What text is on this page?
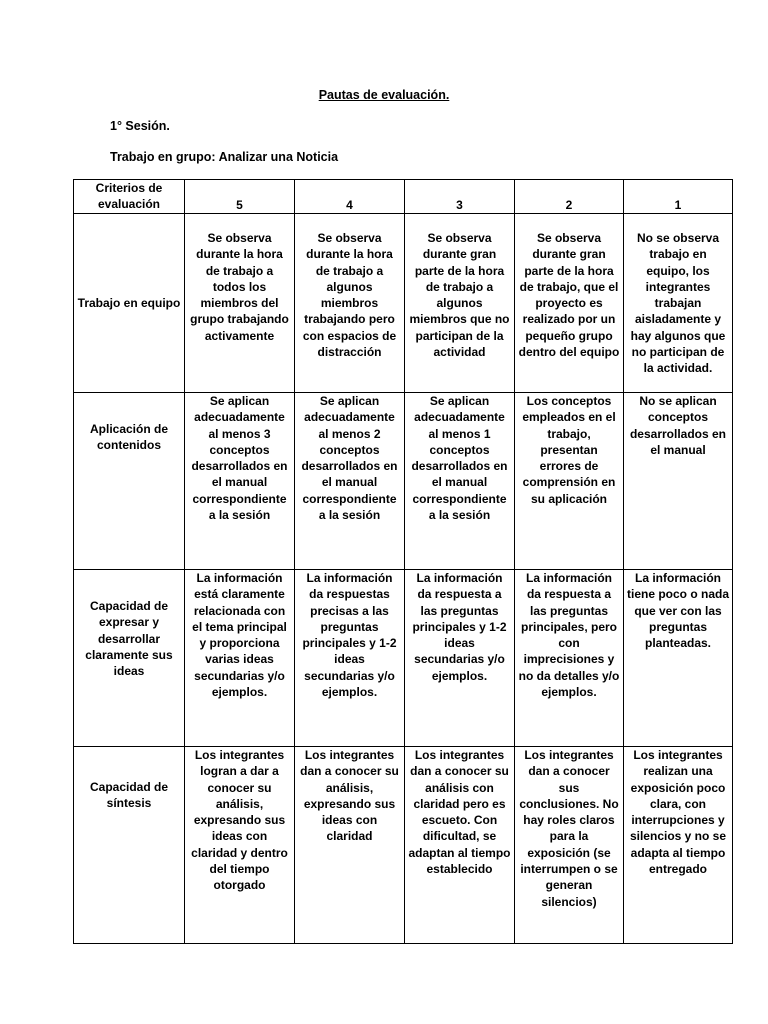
Pautas de evaluación.
1° Sesión.
Trabajo en grupo: Analizar una Noticia
Criterios de evaluación	5	4	3	2	1
Trabajo en equipo	Se observa durante la hora de trabajo a todos los miembros del grupo trabajando activamente	Se observa durante la hora de trabajo a algunos miembros trabajando pero con espacios de distracción	Se observa durante gran parte de la hora de trabajo a algunos miembros que no participan de la actividad	Se observa durante gran parte de la hora de trabajo, que el proyecto es realizado por un pequeño grupo dentro del equipo	No se observa trabajo en equipo, los integrantes trabajan aisladamente y hay algunos que no participan de la actividad.
Aplicación de contenidos	Se aplican adecuadamente al menos 3 conceptos desarrollados en el manual correspondiente a la sesión	Se aplican adecuadamente al menos 2 conceptos desarrollados en el manual correspondiente a la sesión	Se aplican adecuadamente al menos 1 conceptos desarrollados en el manual correspondiente a la sesión	Los conceptos empleados en el trabajo, presentan errores de comprensión en su aplicación	No se aplican conceptos desarrollados en el manual
Capacidad de expresar y desarrollar claramente sus ideas	La información está claramente relacionada con el tema principal y proporciona varias ideas secundarias y/o ejemplos.	La información da respuestas precisas a las preguntas principales y 1-2 ideas secundarias y/o ejemplos.	La información da respuesta a las preguntas principales y 1-2 ideas secundarias y/o ejemplos.	La información da respuesta a las preguntas principales, pero con imprecisiones y no da detalles y/o ejemplos.	La información tiene poco o nada que ver con las preguntas planteadas.
Capacidad de síntesis	Los integrantes logran a dar a conocer su análisis, expresando sus ideas con claridad y dentro del tiempo otorgado	Los integrantes dan a conocer su análisis, expresando sus ideas con claridad	Los integrantes dan a conocer su análisis con claridad pero es escueto. Con dificultad, se adaptan al tiempo establecido	Los integrantes dan a conocer sus conclusiones. No hay roles claros para la exposición (se interrumpen o se generan silencios)	Los integrantes realizan una exposición poco clara, con interrupciones y silencios y no se adapta al tiempo entregado
